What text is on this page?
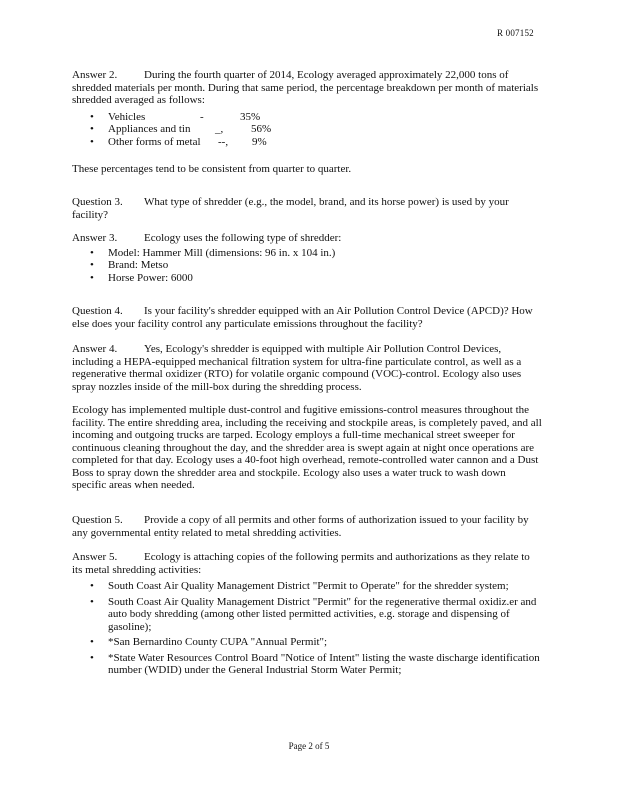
R 007152

Answer 2. During the fourth quarter of 2014, Ecology averaged approximately 22,000 tons of shredded materials per month. During that same period, the percentage breakdown per month of materials shredded averaged as follows:

• Vehicles	-	35%
• Appliances and tin _,	56%
• Other forms of metal --, 9%

These percentages tend to be consistent from quarter to quarter.

Question 3. What type of shredder (e.g., the model, brand, and its horse power) is used by your facility?

Answer 3. Ecology uses the following type of shredder:

• Model: Hammer Mill (dimensions: 96 in. x 104 in.)
• Brand: Metso
• Horse Power: 6000

Question 4. Is your facility's shredder equipped with an Air Pollution Control Device (APCD)? How else does your facility control any particulate emissions throughout the facility?

Answer 4. Yes, Ecology's shredder is equipped with multiple Air Pollution Control Devices, including a HEPA-equipped mechanical filtration system for ultra-fine particulate control, as well as a regenerative thermal oxidizer (RTO) for volatile organic compound (VOC)-control. Ecology also uses spray nozzles inside of the mill-box during the shredding process.

Ecology has implemented multiple dust-control and fugitive emissions-control measures throughout the facility. The entire shredding area, including the receiving and stockpile areas, is completely paved, and all incoming and outgoing trucks are tarped. Ecology employs a full-time mechanical street sweeper for continuous cleaning throughout the day, and the shredder area is swept again at night once operations are completed for that day. Ecology uses a 40-foot high overhead, remote-controlled water cannon and a Dust Boss to spray down the shredder area and stockpile. Ecology also uses a water truck to wash down specific areas when needed.

Question 5. Provide a copy of all permits and other forms of authorization issued to your facility by any governmental entity related to metal shredding activities.

Answer 5. Ecology is attaching copies of the following permits and authorizations as they relate to its metal shredding activities:

• South Coast Air Quality Management District "Permit to Operate" for the shredder system;
• South Coast Air Quality Management District "Permit" for the regenerative thermal oxidiz.er and auto body shredding (among other listed permitted activities, e.g. storage and dispensing of gasoline);
• *San Bernardino County CUPA "Annual Permit";
• *State Water Resources Control Board "Notice of Intent" listing the waste discharge identification number (WDID) under the General Industrial Storm Water Permit;
Page 2 of 5
